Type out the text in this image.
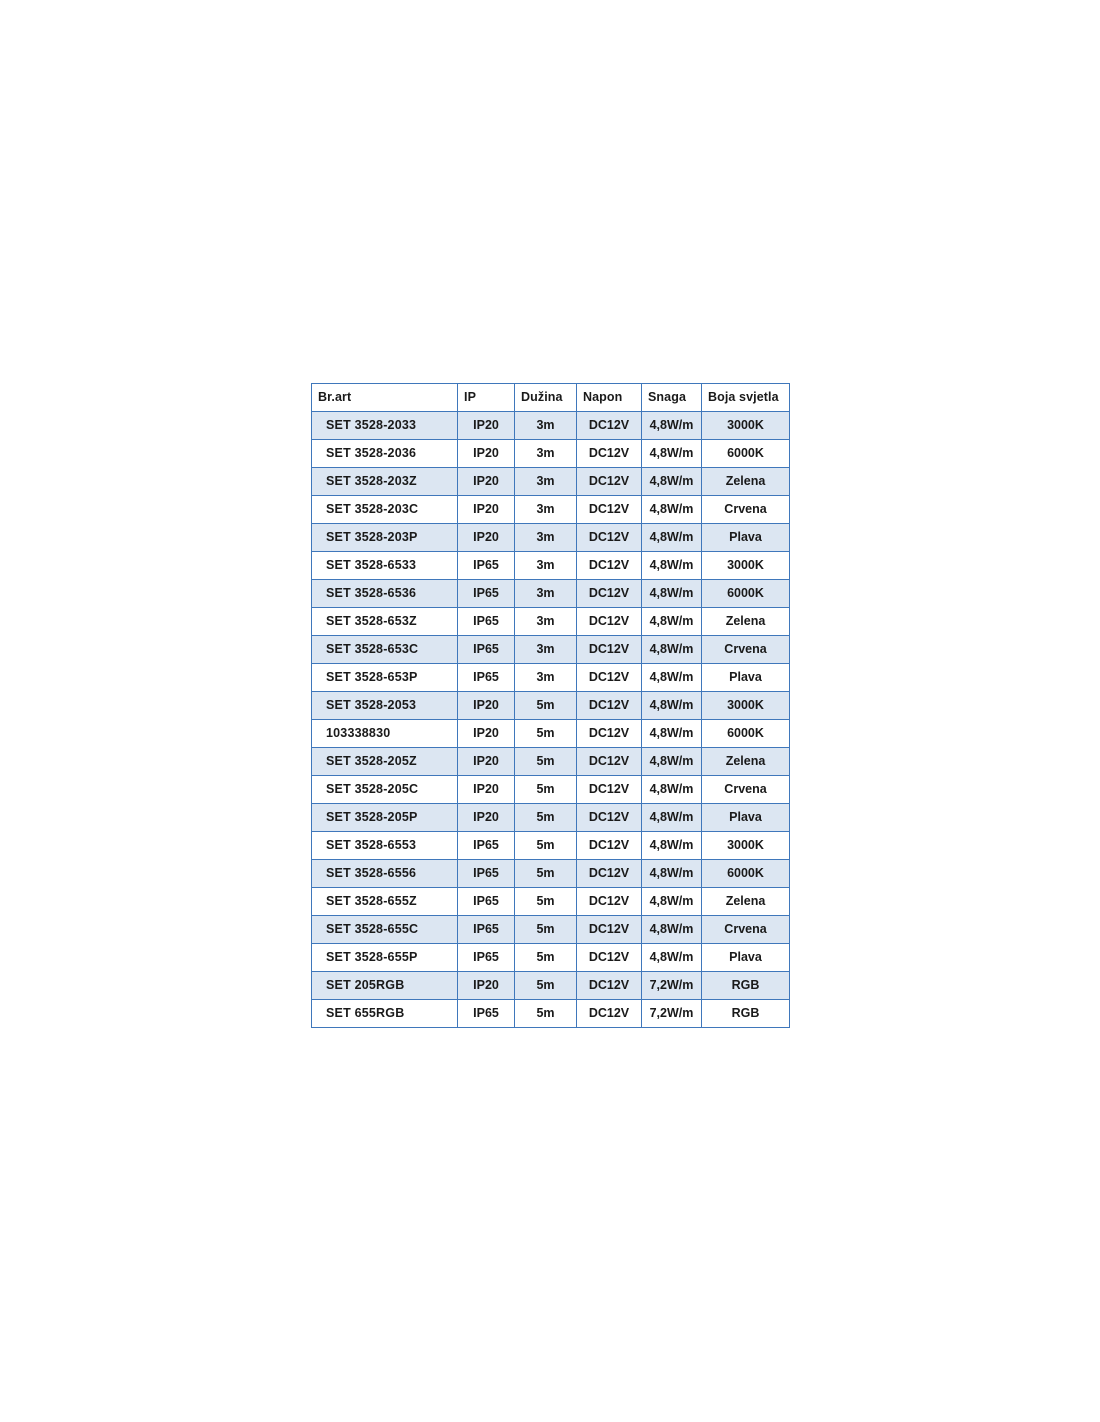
Br.art	IP	Dužina	Napon	Snaga	Boja svjetla
SET 3528-2033	IP20	3m	DC12V	4,8W/m	3000K
SET 3528-2036	IP20	3m	DC12V	4,8W/m	6000K
SET 3528-203Z	IP20	3m	DC12V	4,8W/m	Zelena
SET 3528-203C	IP20	3m	DC12V	4,8W/m	Crvena
SET 3528-203P	IP20	3m	DC12V	4,8W/m	Plava
SET 3528-6533	IP65	3m	DC12V	4,8W/m	3000K
SET 3528-6536	IP65	3m	DC12V	4,8W/m	6000K
SET 3528-653Z	IP65	3m	DC12V	4,8W/m	Zelena
SET 3528-653C	IP65	3m	DC12V	4,8W/m	Crvena
SET 3528-653P	IP65	3m	DC12V	4,8W/m	Plava
SET 3528-2053	IP20	5m	DC12V	4,8W/m	3000K
103338830	IP20	5m	DC12V	4,8W/m	6000K
SET 3528-205Z	IP20	5m	DC12V	4,8W/m	Zelena
SET 3528-205C	IP20	5m	DC12V	4,8W/m	Crvena
SET 3528-205P	IP20	5m	DC12V	4,8W/m	Plava
SET 3528-6553	IP65	5m	DC12V	4,8W/m	3000K
SET 3528-6556	IP65	5m	DC12V	4,8W/m	6000K
SET 3528-655Z	IP65	5m	DC12V	4,8W/m	Zelena
SET 3528-655C	IP65	5m	DC12V	4,8W/m	Crvena
SET 3528-655P	IP65	5m	DC12V	4,8W/m	Plava
SET 205RGB	IP20	5m	DC12V	7,2W/m	RGB
SET 655RGB	IP65	5m	DC12V	7,2W/m	RGB
